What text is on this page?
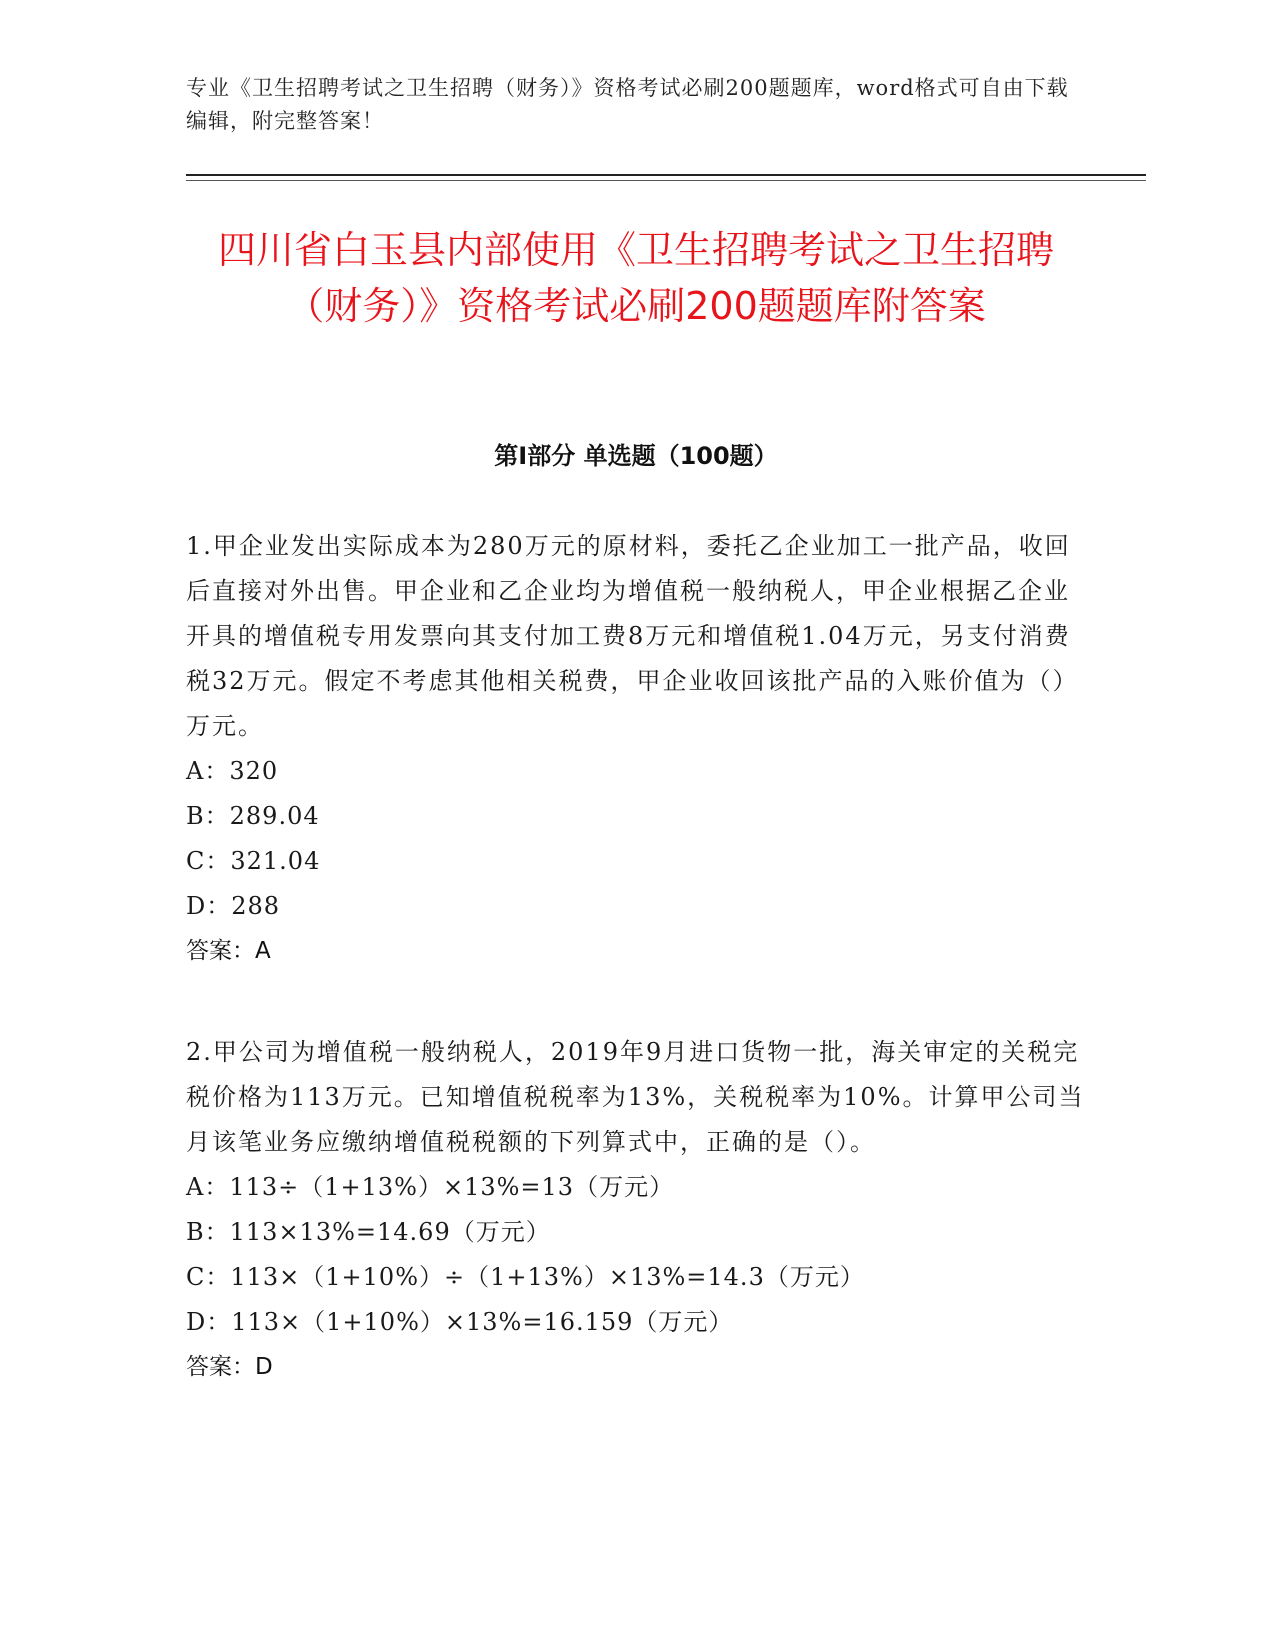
专业《卫生招聘考试之卫生招聘（财务）》资格考试必刷200题题库，word格式可自由下载编辑，附完整答案！
四川省白玉县内部使用《卫生招聘考试之卫生招聘（财务）》资格考试必刷200题题库附答案
第Ⅰ部分 单选题（100题）

1.甲企业发出实际成本为280万元的原材料，委托乙企业加工一批产品，收回后直接对外出售。甲企业和乙企业均为增值税一般纳税人，甲企业根据乙企业开具的增值税专用发票向其支付加工费8万元和增值税1.04万元，另支付消费税32万元。假定不考虑其他相关税费，甲企业收回该批产品的入账价值为（）万元。

A：320

B：289.04

C：321.04

D：288

答案：A

2.甲公司为增值税一般纳税人，2019年9月进口货物一批，海关审定的关税完税价格为113万元。已知增值税税率为13%，关税税率为10%。计算甲公司当月该笔业务应缴纳增值税税额的下列算式中，正确的是（）。

A：113÷（1+13%）×13%=13（万元）

B：113×13%=14.69（万元）

C：113×（1+10%）÷（1+13%）×13%=14.3（万元）

D：113×（1+10%）×13%=16.159（万元）

答案：D
